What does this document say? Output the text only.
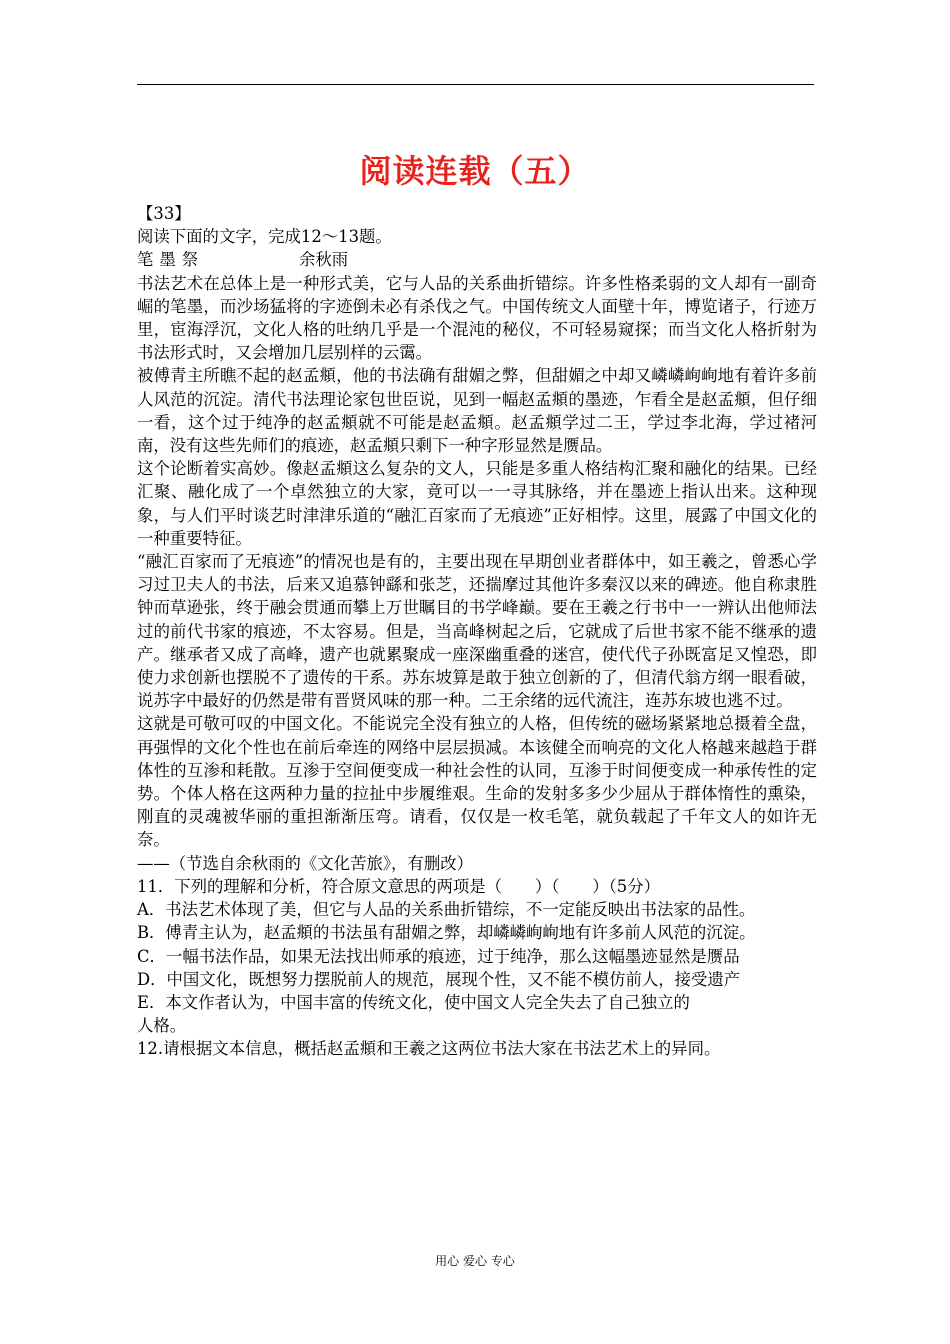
阅读连载（五）

【33】

阅读下面的文字，完成12～13题。

笔墨祭	余秋雨

书法艺术在总体上是一种形式美，它与人品的关系曲折错综。许多性格柔弱的文人却有一副奇崛的笔墨，而沙场猛将的字迹倒未必有杀伐之气。中国传统文人面壁十年，博览诸子，行迹万里，宦海浮沉，文化人格的吐纳几乎是一个混沌的秘仪，不可轻易窥探；而当文化人格折射为书法形式时，又会增加几层别样的云霭。

被傅青主所瞧不起的赵孟頫，他的书法确有甜媚之弊，但甜媚之中却又嶙嶙峋峋地有着许多前人风范的沉淀。清代书法理论家包世臣说，见到一幅赵孟頫的墨迹，乍看全是赵孟頫，但仔细一看，这个过于纯净的赵孟頫就不可能是赵孟頫。赵孟頫学过二王，学过李北海，学过褚河南，没有这些先师们的痕迹，赵孟頫只剩下一种字形显然是赝品。

这个论断着实高妙。像赵孟頫这么复杂的文人，只能是多重人格结构汇聚和融化的结果。已经汇聚、融化成了一个卓然独立的大家，竟可以一一寻其脉络，并在墨迹上指认出来。这种现象，与人们平时谈艺时津津乐道的“融汇百家而了无痕迹”正好相悖。这里，展露了中国文化的一种重要特征。

“融汇百家而了无痕迹”的情况也是有的，主要出现在早期创业者群体中，如王羲之，曾悉心学习过卫夫人的书法，后来又追慕钟繇和张芝，还揣摩过其他许多秦汉以来的碑迹。他自称隶胜钟而草逊张，终于融会贯通而攀上万世瞩目的书学峰巅。要在王羲之行书中一一辨认出他师法过的前代书家的痕迹，不太容易。但是，当高峰树起之后，它就成了后世书家不能不继承的遗产。继承者又成了高峰，遗产也就累聚成一座深幽重叠的迷宫，使代代子孙既富足又惶恐，即使力求创新也摆脱不了遗传的干系。苏东坡算是敢于独立创新的了，但清代翁方纲一眼看破，说苏字中最好的仍然是带有晋贤风味的那一种。二王余绪的远代流注，连苏东坡也逃不过。

这就是可敬可叹的中国文化。不能说完全没有独立的人格，但传统的磁场紧紧地总摄着全盘，再强悍的文化个性也在前后牵连的网络中层层损减。本该健全而响亮的文化人格越来越趋于群体性的互渗和耗散。互渗于空间便变成一种社会性的认同，互渗于时间便变成一种承传性的定势。个体人格在这两种力量的拉扯中步履维艰。生命的发射多多少少屈从于群体惰性的熏染，刚直的灵魂被华丽的重担渐渐压弯。请看，仅仅是一枚毛笔，就负载起了千年文人的如许无奈。

——（节选自余秋雨的《文化苦旅》，有删改）

11．下列的理解和分析，符合原文意思的两项是（　　）（　　）（5分）

A．书法艺术体现了美，但它与人品的关系曲折错综，不一定能反映出书法家的品性。

B．傅青主认为，赵孟頫的书法虽有甜媚之弊，却嶙嶙峋峋地有许多前人风范的沉淀。

C．一幅书法作品，如果无法找出师承的痕迹，过于纯净，那么这幅墨迹显然是赝品

D．中国文化，既想努力摆脱前人的规范，展现个性，又不能不模仿前人，接受遗产

E．本文作者认为，中国丰富的传统文化，使中国文人完全失去了自己独立的

人格。

12.请根据文本信息，概括赵孟頫和王羲之这两位书法大家在书法艺术上的异同。

用心 爱心 专心
